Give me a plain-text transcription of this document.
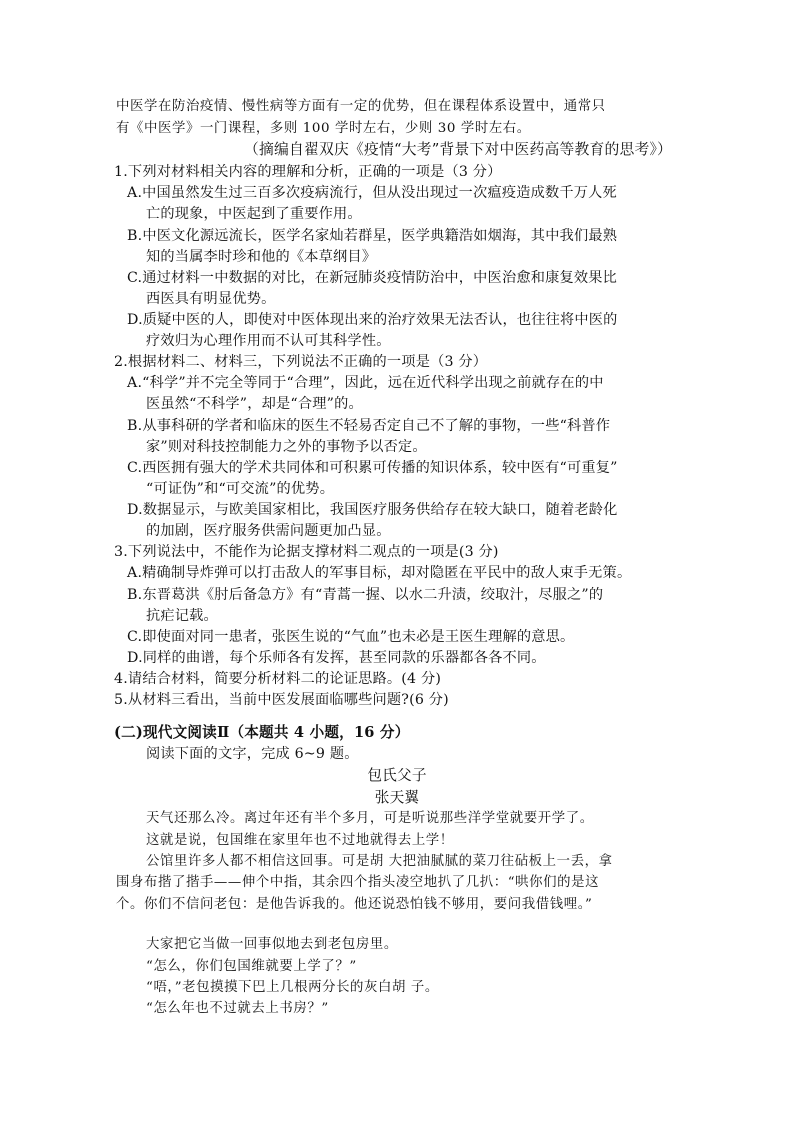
中医学在防治疫情、慢性病等方面有一定的优势，但在课程体系设置中，通常只
有《中医学》一门课程，多则 100 学时左右，少则 30 学时左右。
（摘编自翟双庆《疫情“大考”背景下对中医药高等教育的思考》）
1.下列对材料相关内容的理解和分析，正确的一项是（3 分）
A.中国虽然发生过三百多次疫病流行，但从没出现过一次瘟疫造成数千万人死
亡的现象，中医起到了重要作用。
B.中医文化源远流长，医学名家灿若群星，医学典籍浩如烟海，其中我们最熟
知的当属李时珍和他的《本草纲目》
C.通过材料一中数据的对比，在新冠肺炎疫情防治中，中医治愈和康复效果比
西医具有明显优势。
D.质疑中医的人，即使对中医体现出来的治疗效果无法否认，也往往将中医的
疗效归为心理作用而不认可其科学性。
2.根据材料二、材料三，下列说法不正确的一项是（3 分）
A.“科学”并不完全等同于“合理”，因此，远在近代科学出现之前就存在的中
医虽然“不科学”，却是“合理”的。
B.从事科研的学者和临床的医生不轻易否定自己不了解的事物，一些“科普作
家”则对科技控制能力之外的事物予以否定。
C.西医拥有强大的学术共同体和可积累可传播的知识体系，较中医有“可重复”
“可证伪”和“可交流”的优势。
D.数据显示，与欧美国家相比，我国医疗服务供给存在较大缺口，随着老龄化
的加剧，医疗服务供需问题更加凸显。
3.下列说法中，不能作为论据支撑材料二观点的一项是(3 分)
A.精确制导炸弹可以打击敌人的军事目标，却对隐匿在平民中的敌人束手无策。
B.东晋葛洪《肘后备急方》有“青蒿一握、以水二升渍，绞取汁，尽服之”的
抗疟记载。
C.即使面对同一患者，张医生说的“气血”也未必是王医生理解的意思。
D.同样的曲谱，每个乐师各有发挥，甚至同款的乐器都各各不同。
4.请结合材料，简要分析材料二的论证思路。(4 分)
5.从材料三看出，当前中医发展面临哪些问题?(6 分)
(二)现代文阅读Ⅱ（本题共 4 小题，16 分）
阅读下面的文字，完成 6~9 题。
包氏父子
张天翼
天气还那么冷。离过年还有半个多月，可是听说那些洋学堂就要开学了。
这就是说，包国维在家里年也不过地就得去上学！
公馆里许多人都不相信这回事。可是胡 大把油腻腻的菜刀往砧板上一丢，拿
围身布揩了揩手——伸个中指，其余四个指头凌空地扒了几扒：“哄你们的是这
个。你们不信问老包：是他告诉我的。他还说恐怕钱不够用，要问我借钱哩。”
大家把它当做一回事似地去到老包房里。
“怎么，你们包国维就要上学了？”
“唔，”老包摸摸下巴上几根两分长的灰白胡 子。
“怎么年也不过就去上书房？”
